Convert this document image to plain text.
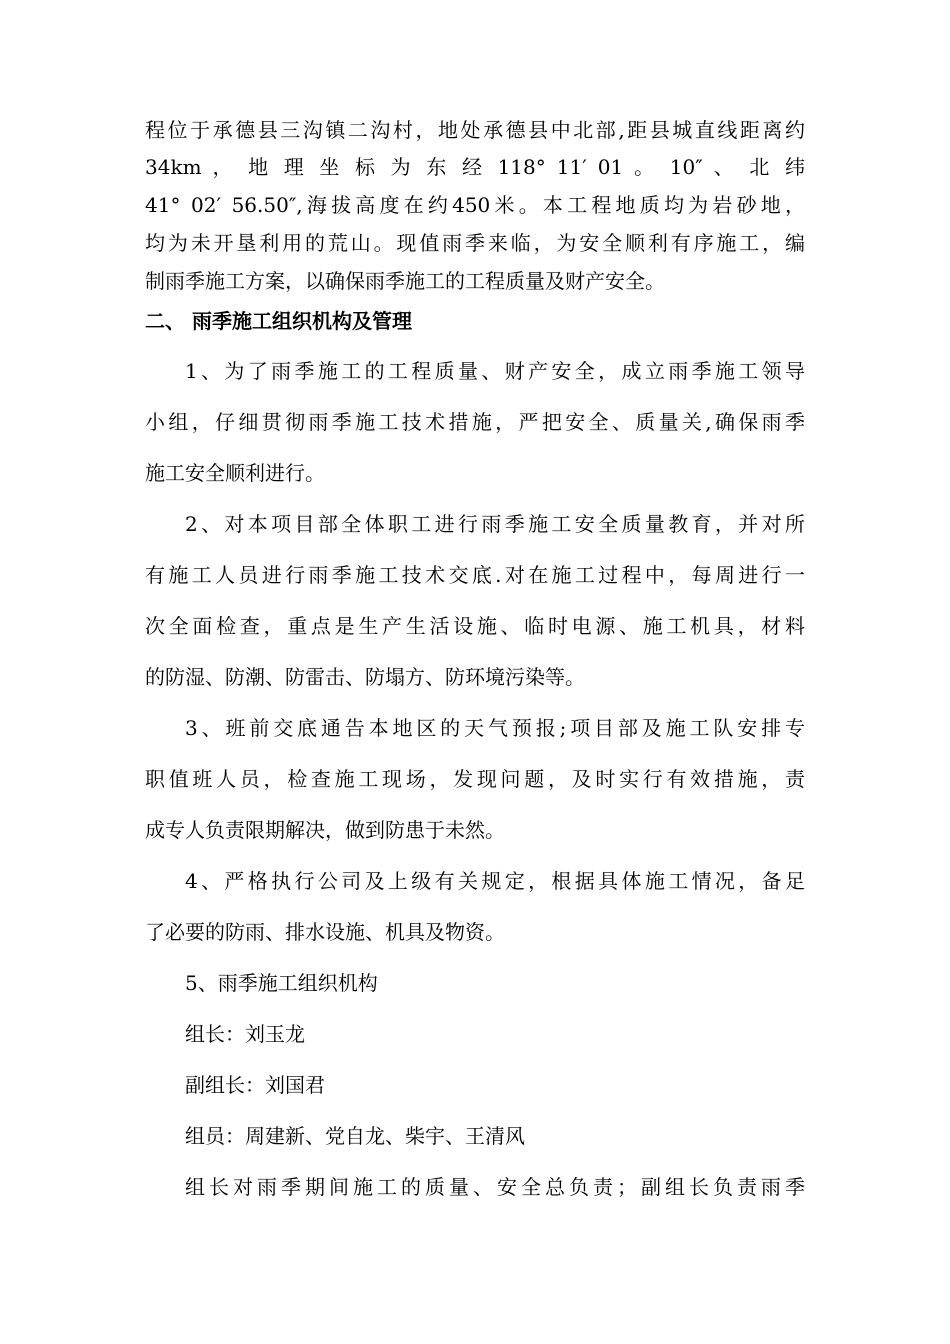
程位于承德县三沟镇二沟村，地处承德县中北部,距县城直线距离约
34km ， 地 理 坐 标 为 东 经 118° 11′ 01 。 10″ 、 北 纬
41° 02′ 56.50″,海拔高度在约450米。本工程地质均为岩砂地，
均为未开垦利用的荒山。现值雨季来临，为安全顺利有序施工，编
制雨季施工方案，以确保雨季施工的工程质量及财产安全。
二、 雨季施工组织机构及管理
1、为了雨季施工的工程质量、财产安全，成立雨季施工领导
小组，仔细贯彻雨季施工技术措施，严把安全、质量关,确保雨季
施工安全顺利进行。
2、对本项目部全体职工进行雨季施工安全质量教育，并对所
有施工人员进行雨季施工技术交底.对在施工过程中，每周进行一
次全面检查，重点是生产生活设施、临时电源、施工机具，材料
的防湿、防潮、防雷击、防塌方、防环境污染等。
3、班前交底通告本地区的天气预报;项目部及施工队安排专
职值班人员，检查施工现场，发现问题，及时实行有效措施，责
成专人负责限期解决，做到防患于未然。
4、严格执行公司及上级有关规定，根据具体施工情况，备足
了必要的防雨、排水设施、机具及物资。
5、雨季施工组织机构
组长：刘玉龙
副组长：刘国君
组员：周建新、党自龙、柴宇、王清风
组长对雨季期间施工的质量、安全总负责；副组长负责雨季
